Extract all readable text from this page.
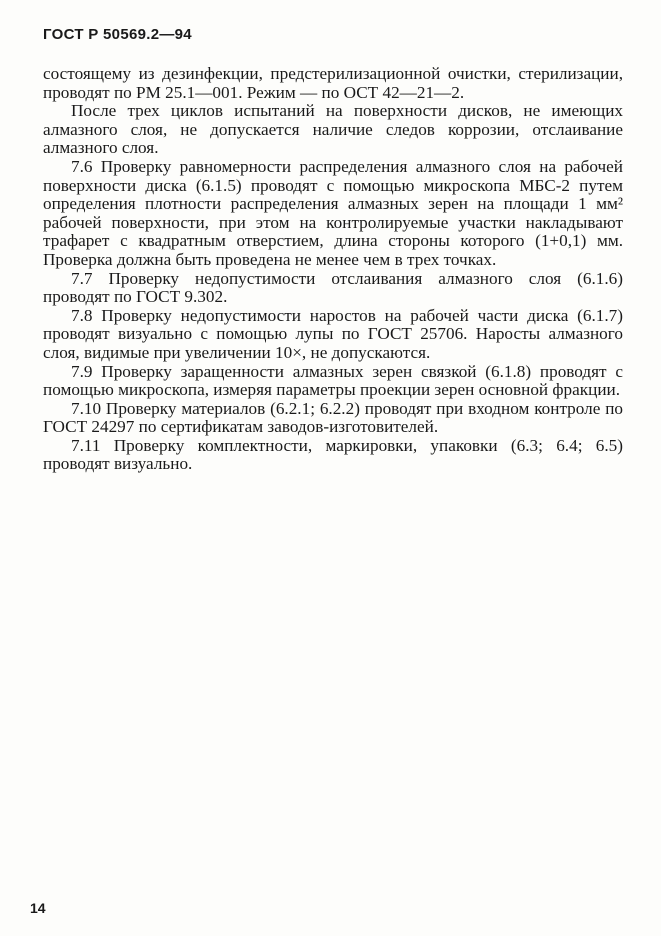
ГОСТ Р 50569.2—94

состоящему из дезинфекции, предстерилизационной очистки, стерилизации, проводят по РМ 25.1—001. Режим — по ОСТ 42—21—2.

После трех циклов испытаний на поверхности дисков, не имеющих алмазного слоя, не допускается наличие следов коррозии, отслаивание алмазного слоя.

7.6 Проверку равномерности распределения алмазного слоя на рабочей поверхности диска (6.1.5) проводят с помощью микроскопа МБС-2 путем определения плотности распределения алмазных зерен на площади 1 мм² рабочей поверхности, при этом на контролируемые участки накладывают трафарет с квадратным отверстием, длина стороны которого (1+0,1) мм. Проверка должна быть проведена не менее чем в трех точках.

7.7 Проверку недопустимости отслаивания алмазного слоя (6.1.6) проводят по ГОСТ 9.302.

7.8 Проверку недопустимости наростов на рабочей части диска (6.1.7) проводят визуально с помощью лупы по ГОСТ 25706. Наросты алмазного слоя, видимые при увеличении 10×, не допускаются.

7.9 Проверку заращенности алмазных зерен связкой (6.1.8) проводят с помощью микроскопа, измеряя параметры проекции зерен основной фракции.

7.10 Проверку материалов (6.2.1; 6.2.2) проводят при входном контроле по ГОСТ 24297 по сертификатам заводов-изготовителей.

7.11 Проверку комплектности, маркировки, упаковки (6.3; 6.4; 6.5) проводят визуально.

14
